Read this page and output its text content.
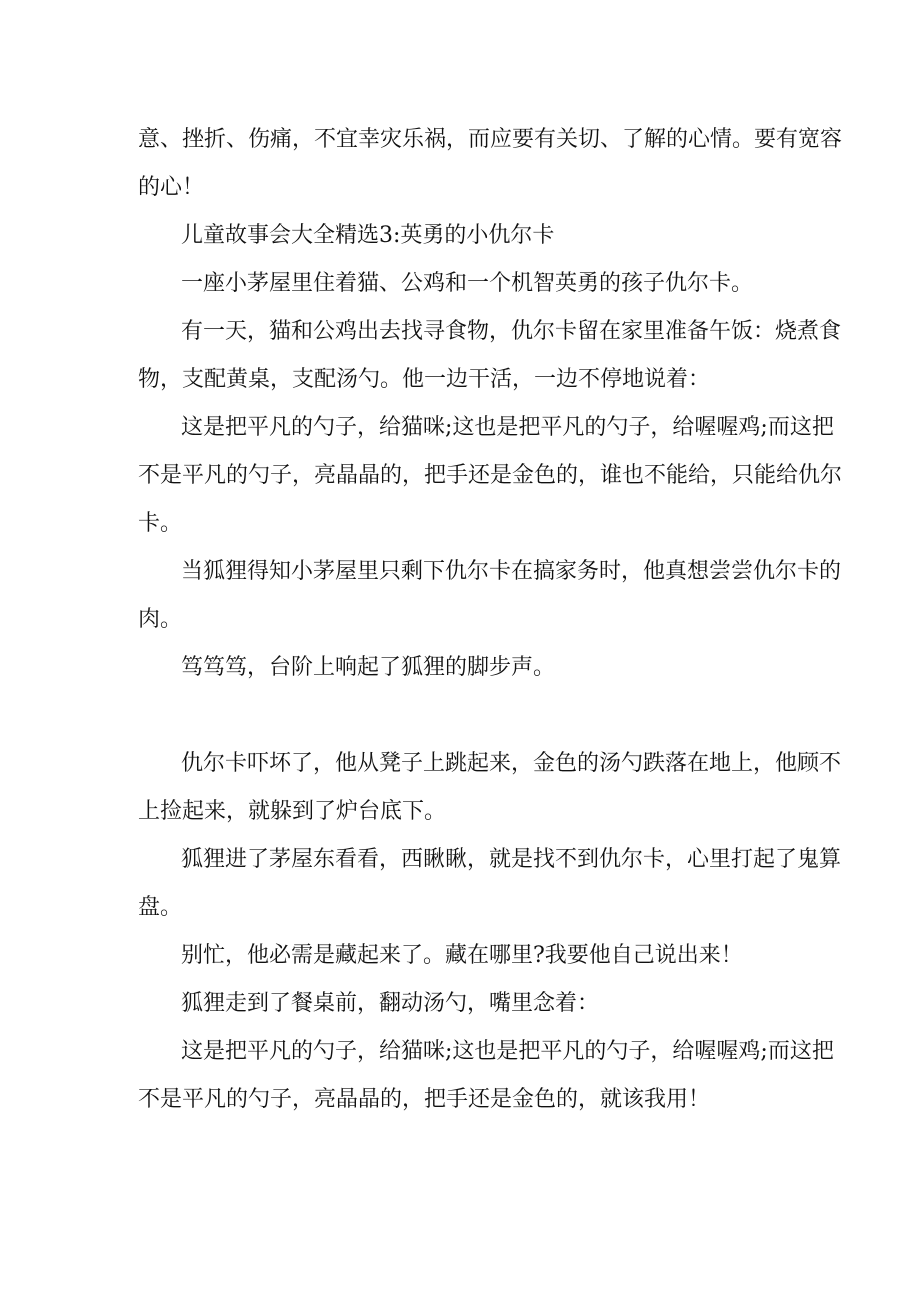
意、挫折、伤痛，不宜幸灾乐祸，而应要有关切、了解的心情。要有宽容
的心！
儿童故事会大全精选3:英勇的小仇尔卡
一座小茅屋里住着猫、公鸡和一个机智英勇的孩子仇尔卡。
有一天，猫和公鸡出去找寻食物，仇尔卡留在家里准备午饭：烧煮食
物，支配黄桌，支配汤勺。他一边干活，一边不停地说着：
这是把平凡的勺子，给猫咪;这也是把平凡的勺子，给喔喔鸡;而这把
不是平凡的勺子，亮晶晶的，把手还是金色的，谁也不能给，只能给仇尔
卡。
当狐狸得知小茅屋里只剩下仇尔卡在搞家务时，他真想尝尝仇尔卡的
肉。
笃笃笃，台阶上响起了狐狸的脚步声。
仇尔卡吓坏了，他从凳子上跳起来，金色的汤勺跌落在地上，他顾不
上捡起来，就躲到了炉台底下。
狐狸进了茅屋东看看，西瞅瞅，就是找不到仇尔卡，心里打起了鬼算
盘。
别忙，他必需是藏起来了。藏在哪里?我要他自己说出来！
狐狸走到了餐桌前，翻动汤勺，嘴里念着：
这是把平凡的勺子，给猫咪;这也是把平凡的勺子，给喔喔鸡;而这把
不是平凡的勺子，亮晶晶的，把手还是金色的，就该我用！
